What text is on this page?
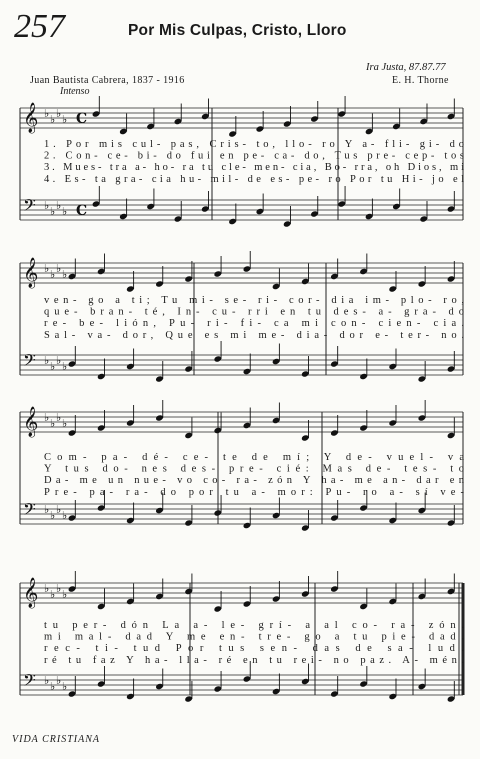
257	Por Mis Culpas, Cristo, Lloro
Ira Justa, 87.87.77
Juan Bautista Cabrera, 1837 - 1916	E. H. Thorne
Intenso
𝄞 ♭ ♭ ♭ ♭
𝄢 ♭ ♭ ♭ ♭
C
C
1. Por mis cul- pas, Cris- to, llo- ro Y a- fli- gi- do
2. Con- ce- bi- do fui en pe- ca- do, Tus pre- cep- tos
3. Mues- tra a- ho- ra tu cle- men- cia, Bo- rra, oh Dios, mi
4. Es- ta gra- cia hu- mil- de es- pe- ro Por tu Hi- jo el
𝄞 ♭ ♭ ♭ ♭
𝄢 ♭ ♭ ♭ ♭
ven- go a ti; Tu mi- se- ri- cor- dia im- plo- ro,
que- bran- té, In- cu- rri en tu des- a- gra- do
re- be- lión, Pu- ri- fi- ca mi con- cien- cia.
Sal- va- dor, Que es mi me- dia- dor e- ter- no.
𝄞 ♭ ♭ ♭ ♭
𝄢 ♭ ♭ ♭ ♭
Com- pa- dé- ce- te de mí; Y de- vuel- va
Y tus do- nes des- pre- cié: Mas de- tes- to
Da- me un nue- vo co- ra- zón Y ha- me an- dar en
Pre- pa- ra- do por tu a- mor: Pu- ro a- sí ve-
𝄞 ♭ ♭ ♭ ♭
𝄢 ♭ ♭ ♭ ♭
tu per- dón La a- le- grí- a al co- ra- zón.
mi mal- dad Y me en- tre- go a tu pie- dad.
rec- ti- tud Por tus sen- das de sa- lud.
ré tu faz Y ha- lla- ré en tu rei- no paz. A- mén.
VIDA CRISTIANA
